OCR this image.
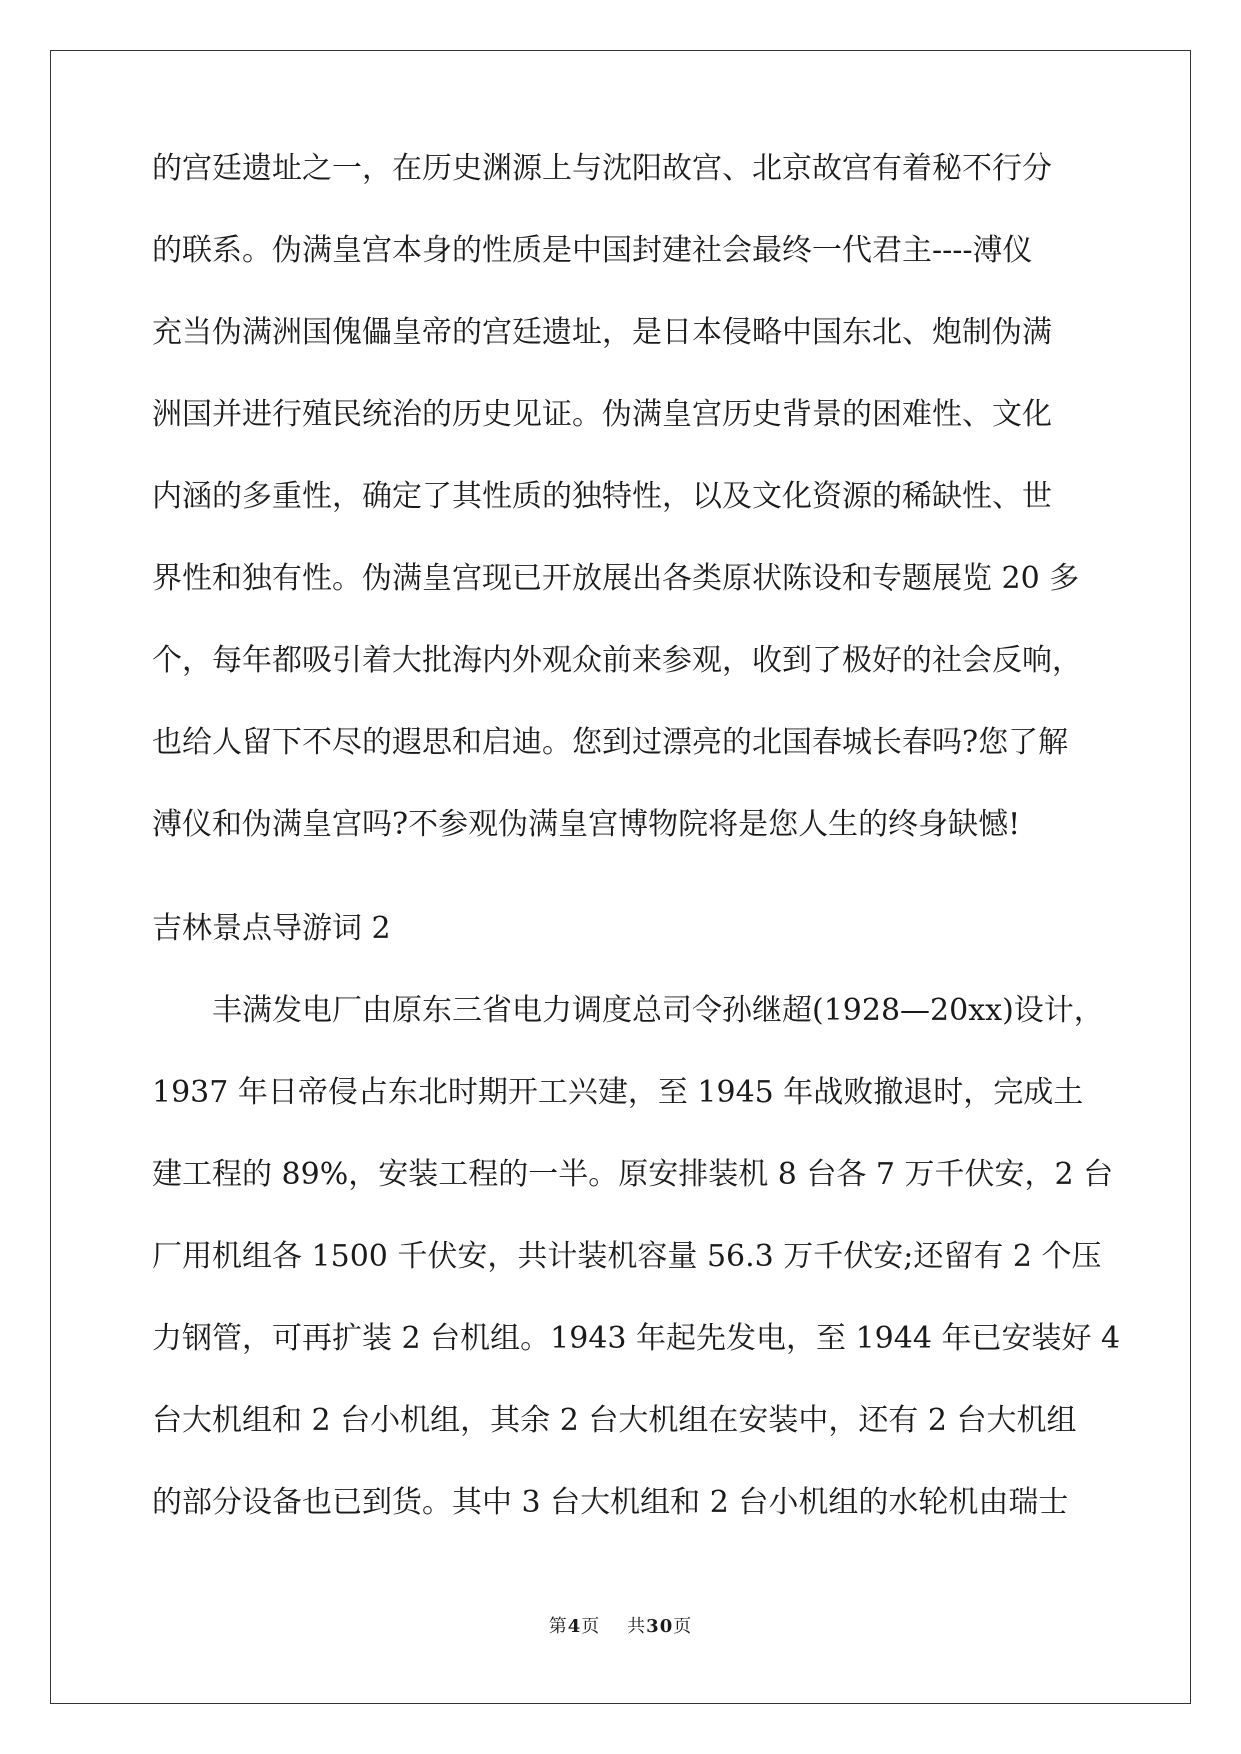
的宫廷遗址之一，在历史渊源上与沈阳故宫、北京故宫有着秘不行分
的联系。伪满皇宫本身的性质是中国封建社会最终一代君主----溥仪
充当伪满洲国傀儡皇帝的宫廷遗址，是日本侵略中国东北、炮制伪满
洲国并进行殖民统治的历史见证。伪满皇宫历史背景的困难性、文化
内涵的多重性，确定了其性质的独特性，以及文化资源的稀缺性、世
界性和独有性。伪满皇宫现已开放展出各类原状陈设和专题展览 20 多
个，每年都吸引着大批海内外观众前来参观，收到了极好的社会反响，
也给人留下不尽的遐思和启迪。您到过漂亮的北国春城长春吗?您了解
溥仪和伪满皇宫吗?不参观伪满皇宫博物院将是您人生的终身缺憾!
吉林景点导游词 2
　　丰满发电厂由原东三省电力调度总司令孙继超(1928—20xx)设计，
1937 年日帝侵占东北时期开工兴建，至 1945 年战败撤退时，完成土
建工程的 89%，安装工程的一半。原安排装机 8 台各 7 万千伏安，2 台
厂用机组各 1500 千伏安，共计装机容量 56.3 万千伏安;还留有 2 个压
力钢管，可再扩装 2 台机组。1943 年起先发电，至 1944 年已安装好 4
台大机组和 2 台小机组，其余 2 台大机组在安装中，还有 2 台大机组
的部分设备也已到货。其中 3 台大机组和 2 台小机组的水轮机由瑞士
第4页 共30页
